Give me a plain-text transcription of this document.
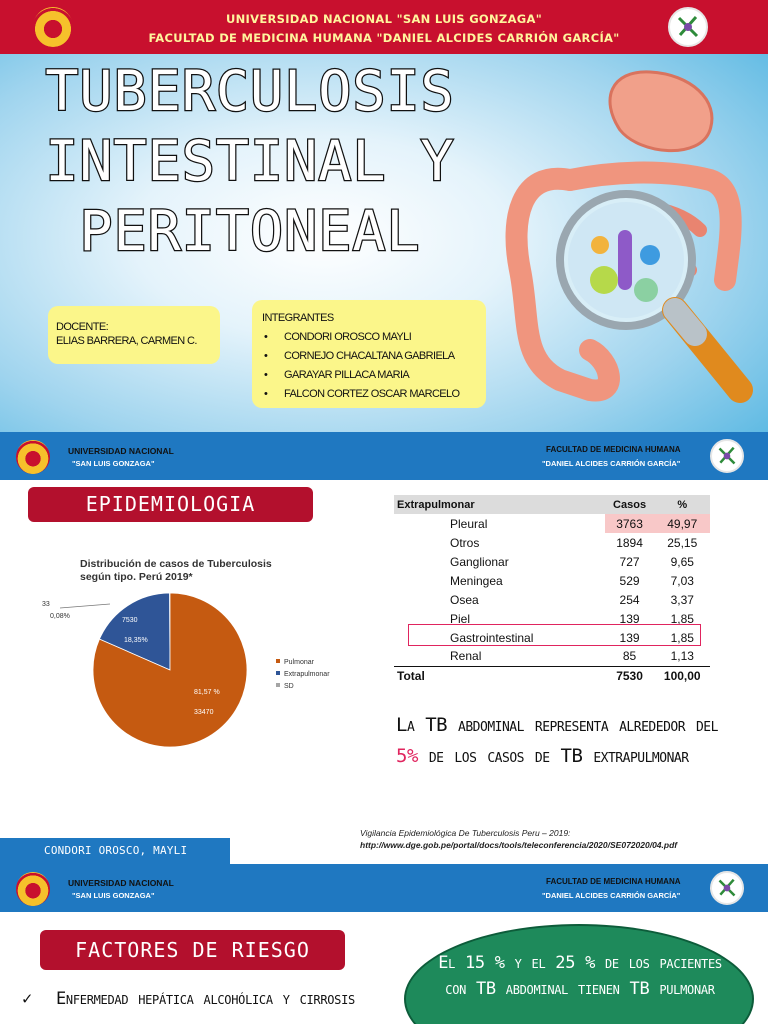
UNIVERSIDAD NACIONAL "SAN LUIS GONZAGA"
FACULTAD DE MEDICINA HUMANA "DANIEL ALCIDES CARRIÓN GARCÍA"
TUBERCULOSIS
INTESTINAL Y
PERITONEAL
DOCENTE:
ELIAS BARRERA, CARMEN C.
INTEGRANTES
• CONDORI OROSCO MAYLI
• CORNEJO CHACALTANA GABRIELA
• GARAYAR PILLACA MARIA
• FALCON CORTEZ OSCAR MARCELO
UNIVERSIDAD NACIONAL
"SAN LUIS GONZAGA"
FACULTAD DE MEDICINA HUMANA
"DANIEL ALCIDES CARRIÓN GARCÍA"
EPIDEMIOLOGIA
Distribución de casos de Tuberculosis según tipo. Perú 2019*
33
0,08%
7530
18,35%
81,57 %
33470
Pulmonar
Extrapulmonar
SD
Extrapulmonar	Casos	%
Pleural	3763	49,97
Otros	1894	25,15
Ganglionar	727	9,65
Meningea	529	7,03
Osea	254	3,37
Piel	139	1,85
Gastrointestinal	139	1,85
Renal	85	1,13
Total	7530	100,00
La TB abdominal representa alrededor del 5% de los casos de TB extrapulmonar
Vigilancia Epidemiológica De Tuberculosis Peru – 2019:
http://www.dge.gob.pe/portal/docs/tools/teleconferencia/2020/SE072020/04.pdf
CONDORI OROSCO, MAYLI
UNIVERSIDAD NACIONAL
"SAN LUIS GONZAGA"
FACULTAD DE MEDICINA HUMANA
"DANIEL ALCIDES CARRIÓN GARCÍA"
FACTORES DE RIESGO
✓ Enfermedad hepática alcohólica y cirrosis
El 15 % y el 25 % de los pacientes con TB abdominal tienen TB pulmonar
